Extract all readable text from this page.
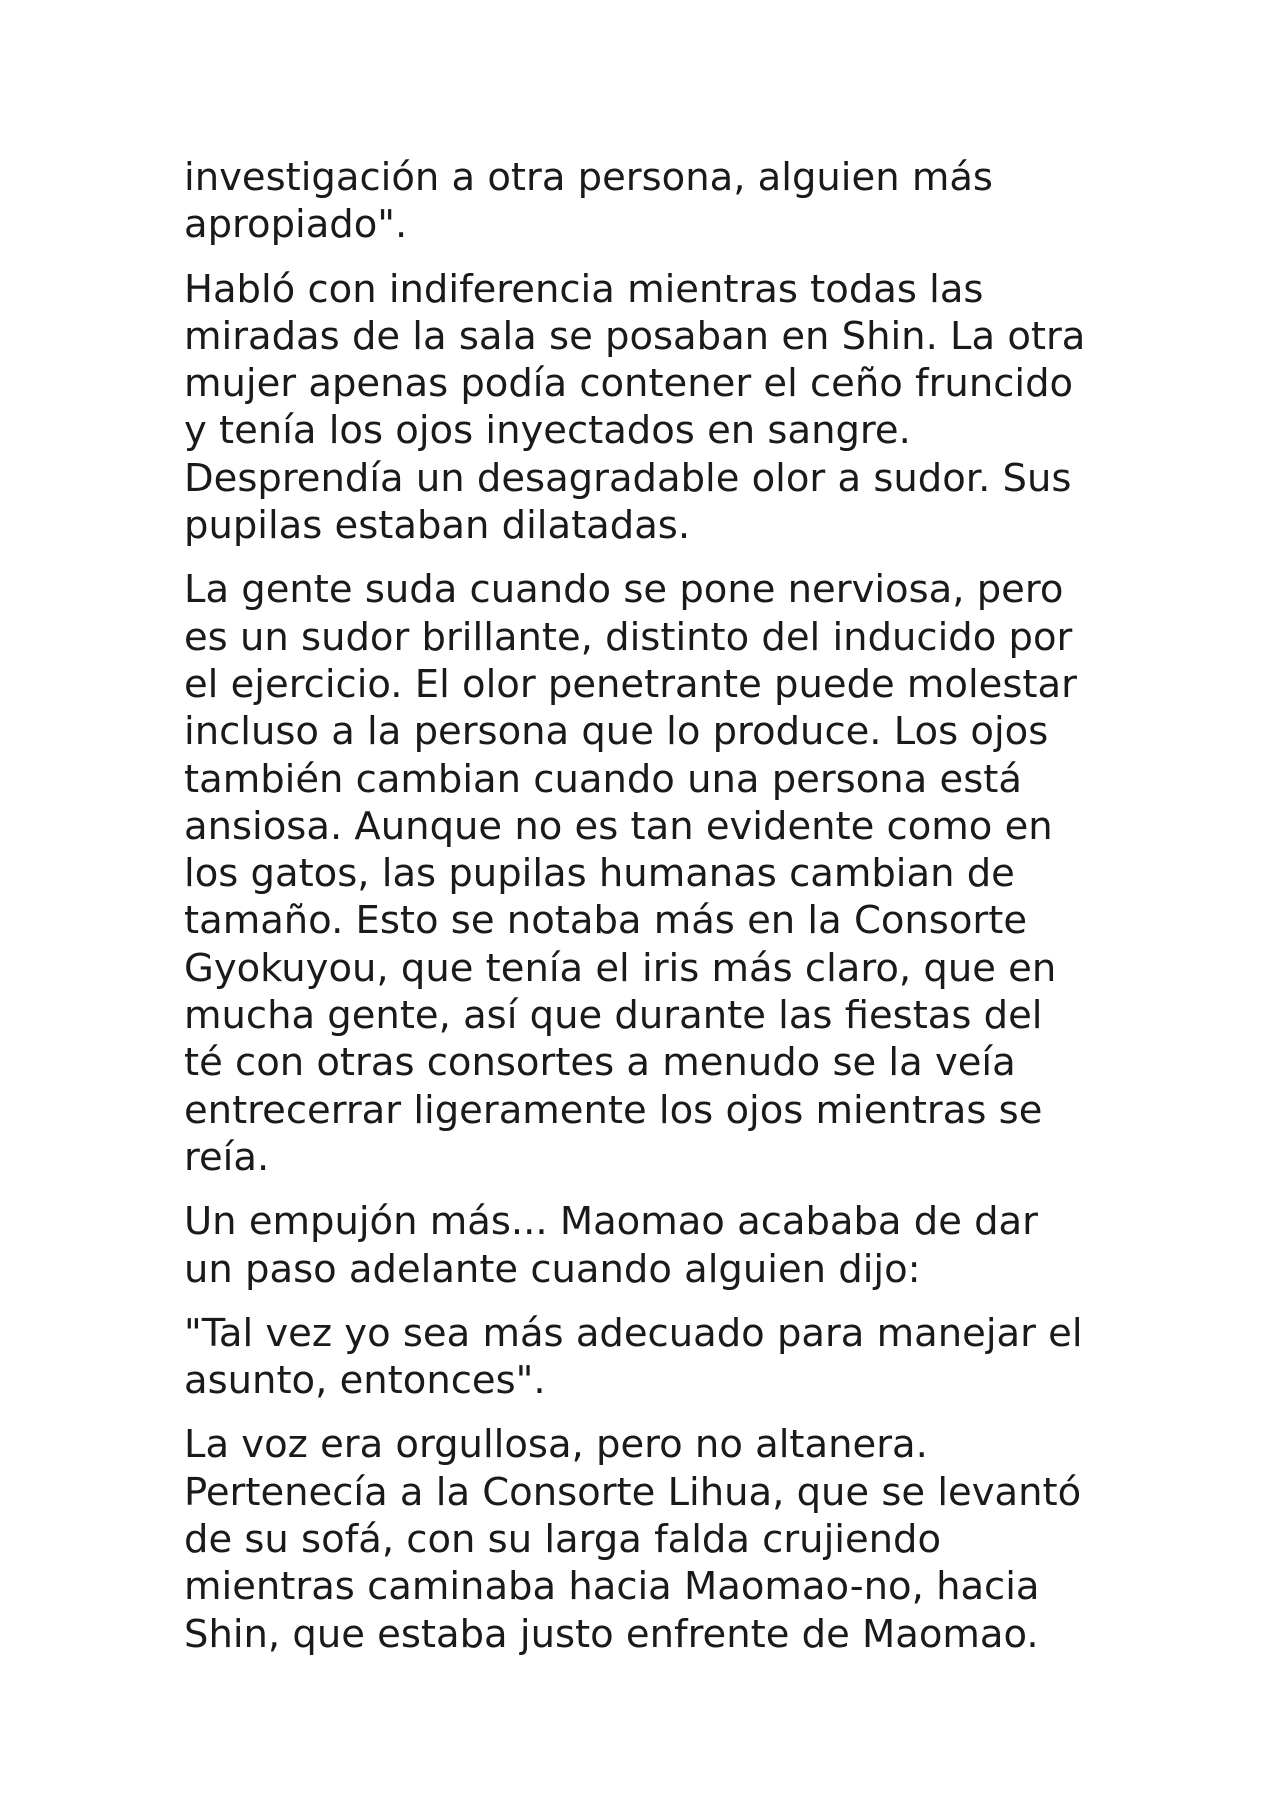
investigación a otra persona, alguien más
apropiado".

Habló con indiferencia mientras todas las
miradas de la sala se posaban en Shin. La otra
mujer apenas podía contener el ceño fruncido
y tenía los ojos inyectados en sangre.
Desprendía un desagradable olor a sudor. Sus
pupilas estaban dilatadas.

La gente suda cuando se pone nerviosa, pero
es un sudor brillante, distinto del inducido por
el ejercicio. El olor penetrante puede molestar
incluso a la persona que lo produce. Los ojos
también cambian cuando una persona está
ansiosa. Aunque no es tan evidente como en
los gatos, las pupilas humanas cambian de
tamaño. Esto se notaba más en la Consorte
Gyokuyou, que tenía el iris más claro, que en
mucha gente, así que durante las fiestas del
té con otras consortes a menudo se la veía
entrecerrar ligeramente los ojos mientras se
reía.

Un empujón más... Maomao acababa de dar
un paso adelante cuando alguien dijo:

"Tal vez yo sea más adecuado para manejar el
asunto, entonces".

La voz era orgullosa, pero no altanera.
Pertenecía a la Consorte Lihua, que se levantó
de su sofá, con su larga falda crujiendo
mientras caminaba hacia Maomao-no, hacia
Shin, que estaba justo enfrente de Maomao.
